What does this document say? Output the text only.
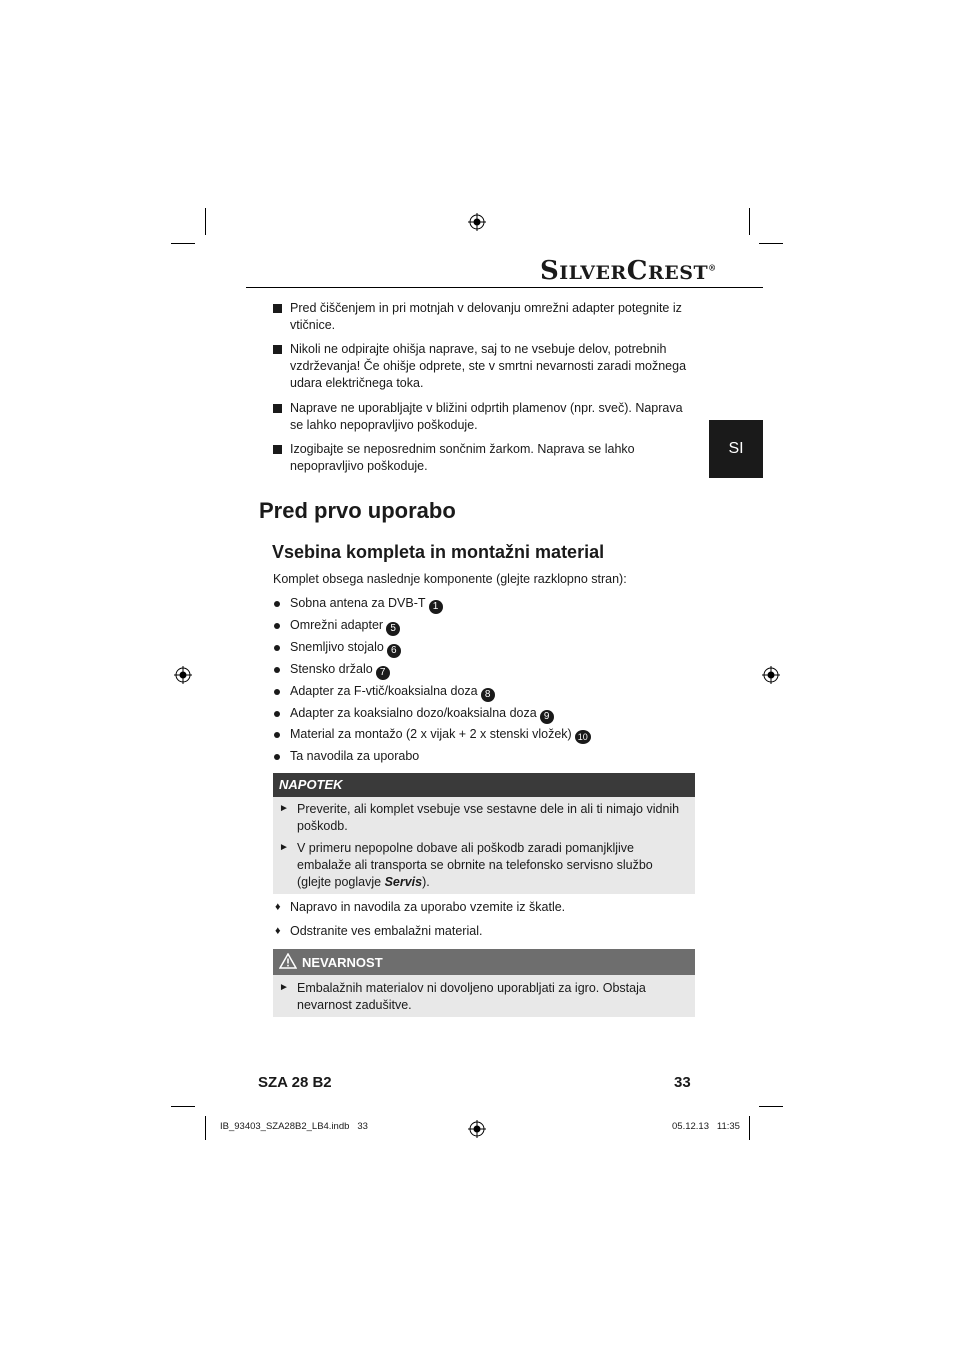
SILVERCREST®
SI
Pred čiščenjem in pri motnjah v delovanju omrežni adapter potegnite iz vtičnice.
Nikoli ne odpirajte ohišja naprave, saj to ne vsebuje delov, potrebnih vzdrževanja! Če ohišje odprete, ste v smrtni nevarnosti zaradi možnega udara električnega toka.
Naprave ne uporabljajte v bližini odprtih plamenov (npr. sveč). Naprava se lahko nepopravljivo poškoduje.
Izogibajte se neposrednim sončnim žarkom. Naprava se lahko nepopravljivo poškoduje.
Pred prvo uporabo
Vsebina kompleta in montažni material
Komplet obsega naslednje komponente (glejte razklopno stran):
Sobna antena za DVB-T 1
Omrežni adapter 5
Snemljivo stojalo 6
Stensko držalo 7
Adapter za F-vtič/koaksialna doza 8
Adapter za koaksialno dozo/koaksialna doza 9
Material za montažo (2 x vijak + 2 x stenski vložek) 10
Ta navodila za uporabo
NAPOTEK
► Preverite, ali komplet vsebuje vse sestavne dele in ali ti nimajo vidnih poškodb.
► V primeru nepopolne dobave ali poškodb zaradi pomanjkljive embalaže ali transporta se obrnite na telefonsko servisno službo (glejte poglavje Servis).
♦ Napravo in navodila za uporabo vzemite iz škatle.
♦ Odstranite ves embalažni material.
NEVARNOST
► Embalažnih materialov ni dovoljeno uporabljati za igro. Obstaja nevarnost zadušitve.
SZA 28 B2	33
IB_93403_SZA28B2_LB4.indb   33	05.12.13   11:35
